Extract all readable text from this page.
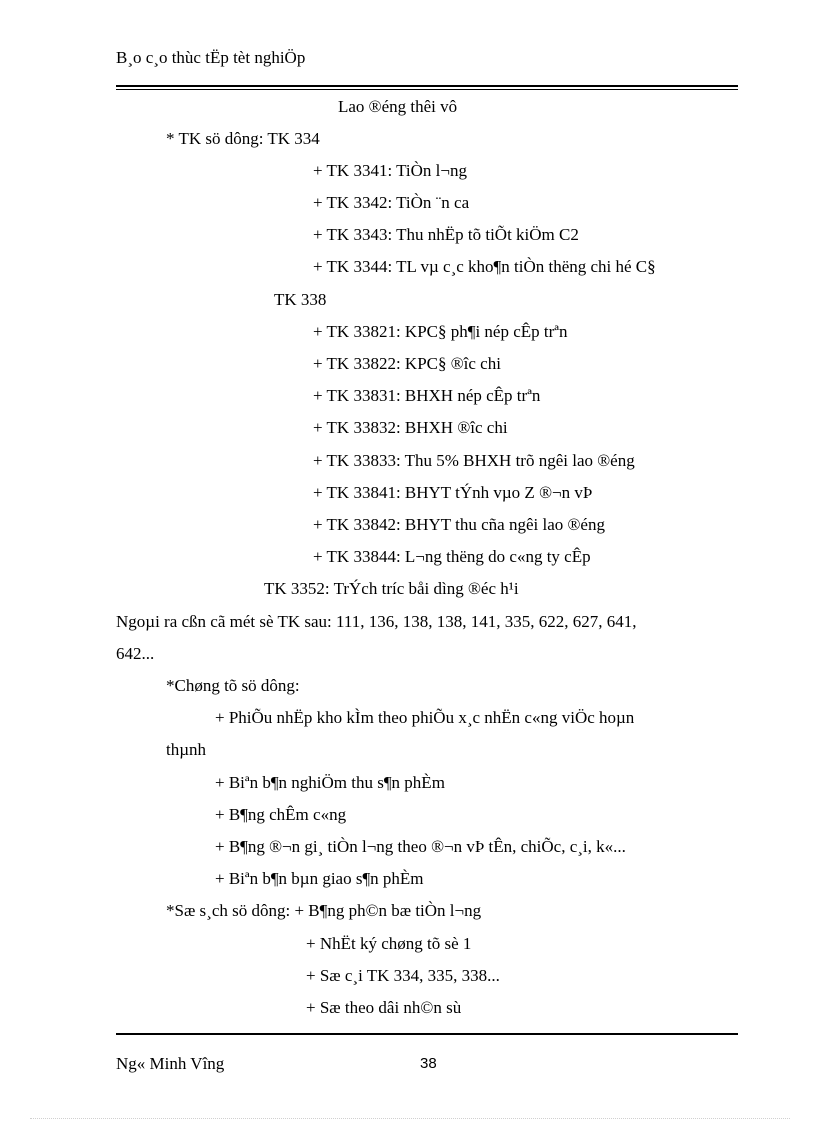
B¸o c¸o thùc tËp tèt nghiÖp
Lao ®éng thêi vô
* TK sö dông: TK 334
+ TK 3341: TiÒn l¬ng
+ TK 3342: TiÒn ¨n ca
+ TK 3343: Thu nhËp tõ tiÕt kiÖm C2
+ TK 3344: TL vµ c¸c kho¶n tiÒn thëng chi hé C§
TK 338
+ TK 33821: KPC§ ph¶i nép cÊp trªn
+ TK 33822: KPC§ ®îc chi
+ TK 33831: BHXH nép cÊp trªn
+ TK 33832: BHXH ®îc chi
+ TK 33833: Thu 5% BHXH trõ ngêi lao ®éng
+ TK 33841: BHYT tÝnh vµo Z ®¬n vÞ
+ TK 33842: BHYT thu cña ngêi lao ®éng
+ TK 33844: L¬ng thëng do c«ng ty cÊp
TK 3352: TrÝch tríc båi dìng ®éc h¹i
Ngoµi ra cßn cã mét sè TK sau: 111, 136, 138, 138, 141, 335, 622, 627, 641,
642...
*Chøng tõ sö dông:
+ PhiÕu nhËp kho kÌm theo phiÕu x¸c nhËn c«ng viÖc hoµn
thµnh
+ Biªn b¶n nghiÖm thu s¶n phÈm
+ B¶ng chÊm c«ng
+ B¶ng ®¬n gi¸ tiÒn l¬ng theo ®¬n vÞ tÊn, chiÕc, c¸i, k«...
+ Biªn b¶n bµn giao s¶n phÈm
*Sæ s¸ch sö dông: + B¶ng ph©n bæ tiÒn l¬ng
+ NhËt ký chøng tõ sè 1
+ Sæ c¸i TK 334, 335, 338...
+ Sæ theo dâi nh©n sù
Ng« Minh Vîng	38
